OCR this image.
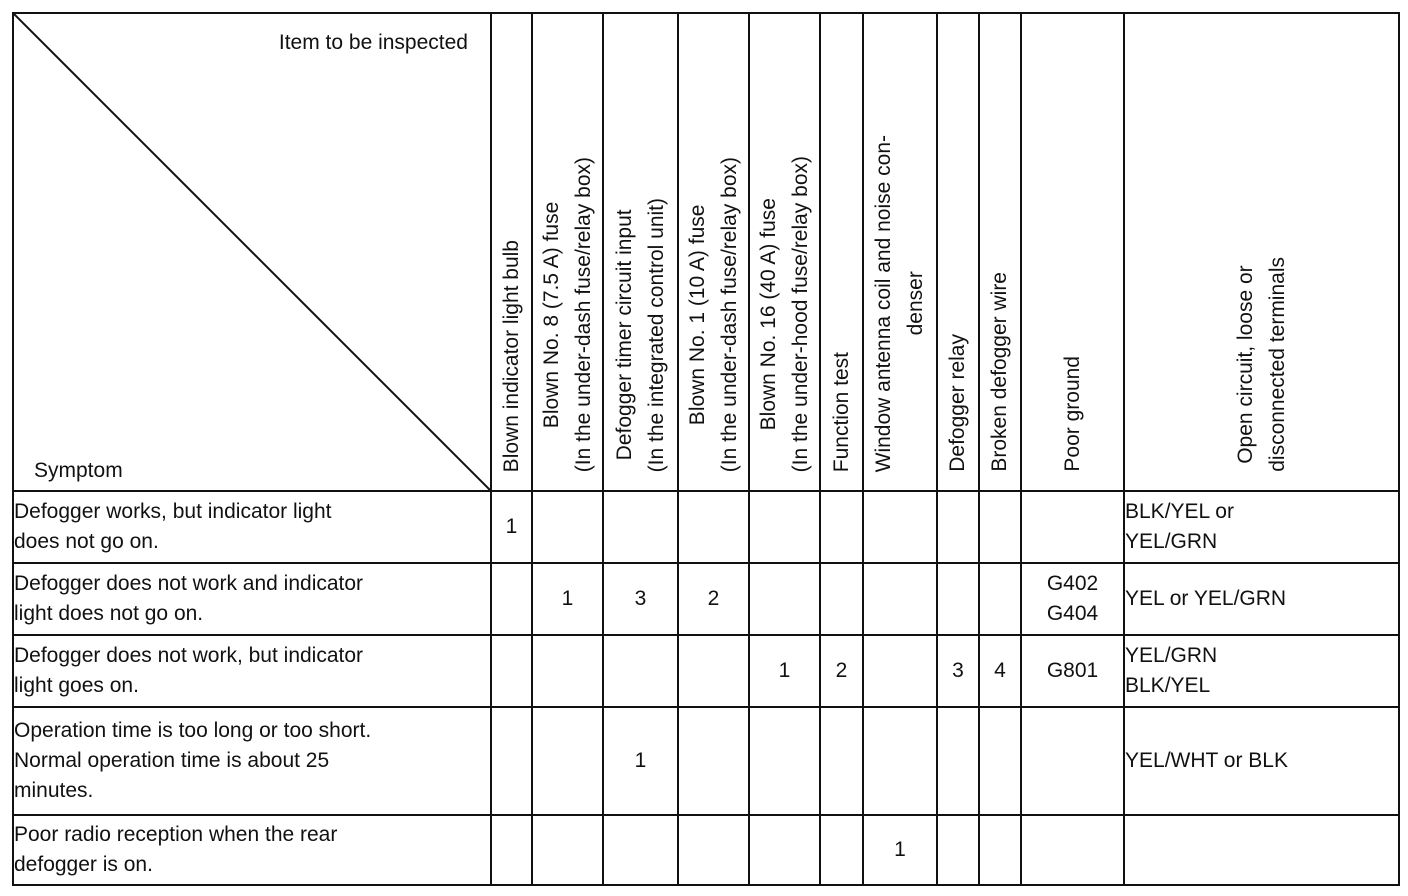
Item to be inspected
Symptom	Blown indicator light bulb	Blown No. 8 (7.5 A) fuse (In the under-dash fuse/relay box)	Defogger timer circuit input (In the integrated control unit)	Blown No. 1 (10 A) fuse (In the under-dash fuse/relay box)	Blown No. 16 (40 A) fuse (In the under-hood fuse/relay box)	Function test	Window antenna coil and noise con- denser	Defogger relay	Broken defogger wire	Poor ground	Open circuit, loose or disconnected terminals

Defogger works, but indicator light
does not go on.	1										BLK/YEL or
YEL/GRN

Defogger does not work and indicator
light does not go on.		1	3	2						G402
G404	YEL or YEL/GRN

Defogger does not work, but indicator
light goes on.					1	2		3	4	G801	YEL/GRN
BLK/YEL

Operation time is too long or too short.
Normal operation time is about 25
minutes.			1								YEL/WHT or BLK

Poor radio reception when the rear
defogger is on.							1				
